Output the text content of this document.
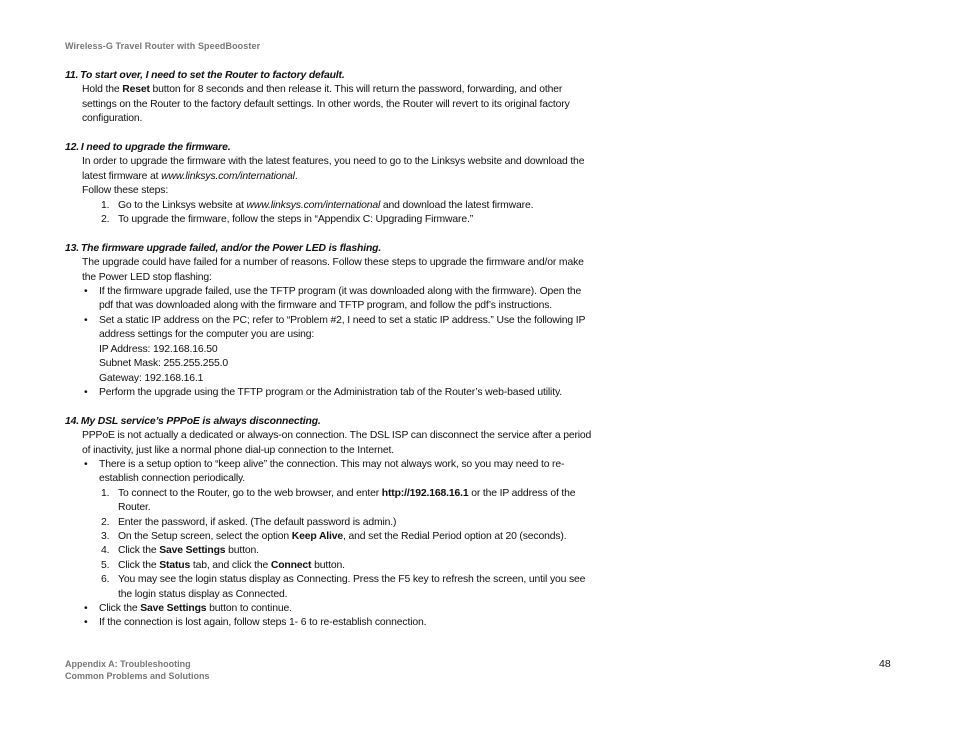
Wireless-G Travel Router with SpeedBooster
11. To start over, I need to set the Router to factory default.
Hold the Reset button for 8 seconds and then release it. This will return the password, forwarding, and other settings on the Router to the factory default settings. In other words, the Router will revert to its original factory configuration.
12. I need to upgrade the firmware.
In order to upgrade the firmware with the latest features, you need to go to the Linksys website and download the latest firmware at www.linksys.com/international.
Follow these steps:
1. Go to the Linksys website at www.linksys.com/international and download the latest firmware.
2. To upgrade the firmware, follow the steps in “Appendix C: Upgrading Firmware.”
13. The firmware upgrade failed, and/or the Power LED is flashing.
The upgrade could have failed for a number of reasons. Follow these steps to upgrade the firmware and/or make the Power LED stop flashing:
• If the firmware upgrade failed, use the TFTP program (it was downloaded along with the firmware). Open the pdf that was downloaded along with the firmware and TFTP program, and follow the pdf’s instructions.
• Set a static IP address on the PC; refer to “Problem #2, I need to set a static IP address.” Use the following IP address settings for the computer you are using:
IP Address: 192.168.16.50
Subnet Mask: 255.255.255.0
Gateway: 192.168.16.1
• Perform the upgrade using the TFTP program or the Administration tab of the Router’s web-based utility.
14. My DSL service’s PPPoE is always disconnecting.
PPPoE is not actually a dedicated or always-on connection. The DSL ISP can disconnect the service after a period of inactivity, just like a normal phone dial-up connection to the Internet.
• There is a setup option to “keep alive” the connection. This may not always work, so you may need to re-establish connection periodically.
1. To connect to the Router, go to the web browser, and enter http://192.168.16.1 or the IP address of the Router.
2. Enter the password, if asked. (The default password is admin.)
3. On the Setup screen, select the option Keep Alive, and set the Redial Period option at 20 (seconds).
4. Click the Save Settings button.
5. Click the Status tab, and click the Connect button.
6. You may see the login status display as Connecting. Press the F5 key to refresh the screen, until you see the login status display as Connected.
• Click the Save Settings button to continue.
• If the connection is lost again, follow steps 1- 6 to re-establish connection.
Appendix A: Troubleshooting
Common Problems and Solutions
48
